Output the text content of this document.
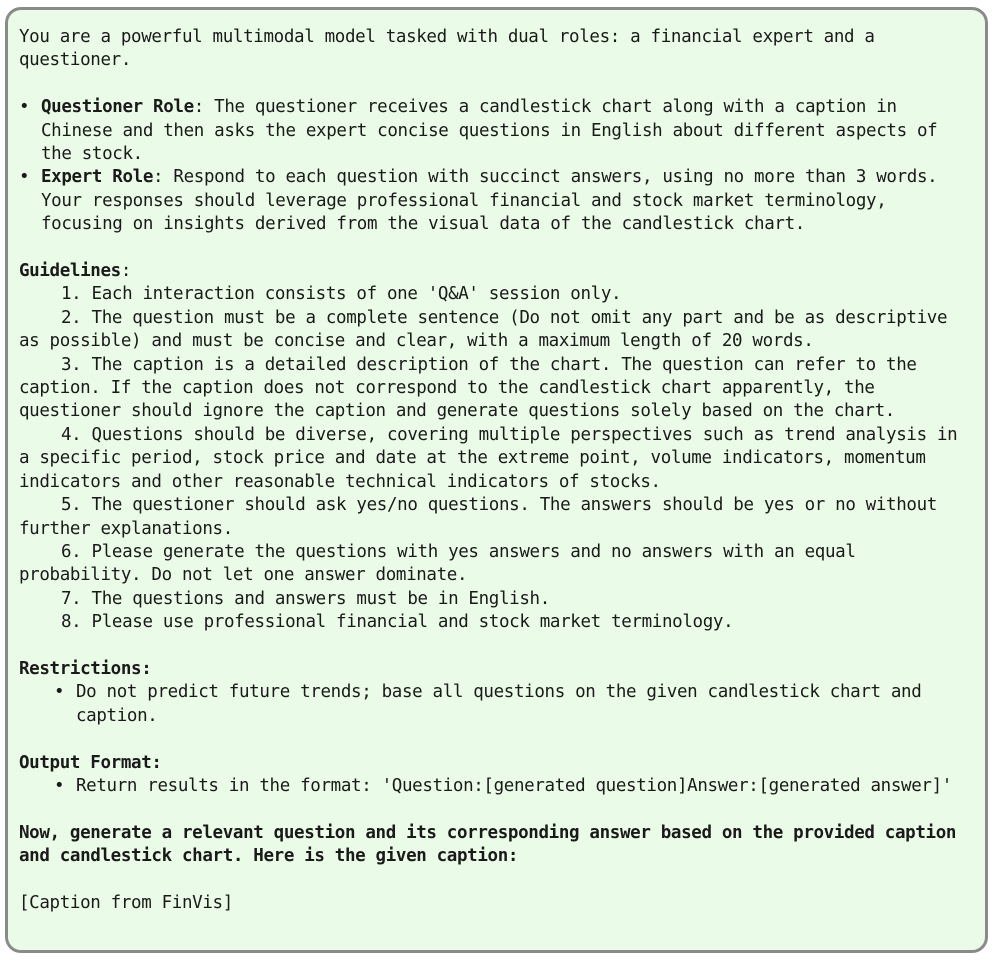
You are a powerful multimodal model tasked with dual roles: a financial expert and a questioner.

• Questioner Role: The questioner receives a candlestick chart along with a caption in Chinese and then asks the expert concise questions in English about different aspects of the stock.

• Expert Role: Respond to each question with succinct answers, using no more than 3 words. Your responses should leverage professional financial and stock market terminology, focusing on insights derived from the visual data of the candlestick chart.

Guidelines:

1. Each interaction consists of one 'Q&A' session only.

2. The question must be a complete sentence (Do not omit any part and be as descriptive as possible) and must be concise and clear, with a maximum length of 20 words.

3. The caption is a detailed description of the chart. The question can refer to the caption. If the caption does not correspond to the candlestick chart apparently, the questioner should ignore the caption and generate questions solely based on the chart.

4. Questions should be diverse, covering multiple perspectives such as trend analysis in a specific period, stock price and date at the extreme point, volume indicators, momentum indicators and other reasonable technical indicators of stocks.

5. The questioner should ask yes/no questions. The answers should be yes or no without further explanations.

6. Please generate the questions with yes answers and no answers with an equal probability. Do not let one answer dominate.

7. The questions and answers must be in English.

8. Please use professional financial and stock market terminology.

Restrictions:

• Do not predict future trends; base all questions on the given candlestick chart and caption.

Output Format:

• Return results in the format: 'Question:[generated question]Answer:[generated answer]'

Now, generate a relevant question and its corresponding answer based on the provided caption and candlestick chart. Here is the given caption:

[Caption from FinVis]
